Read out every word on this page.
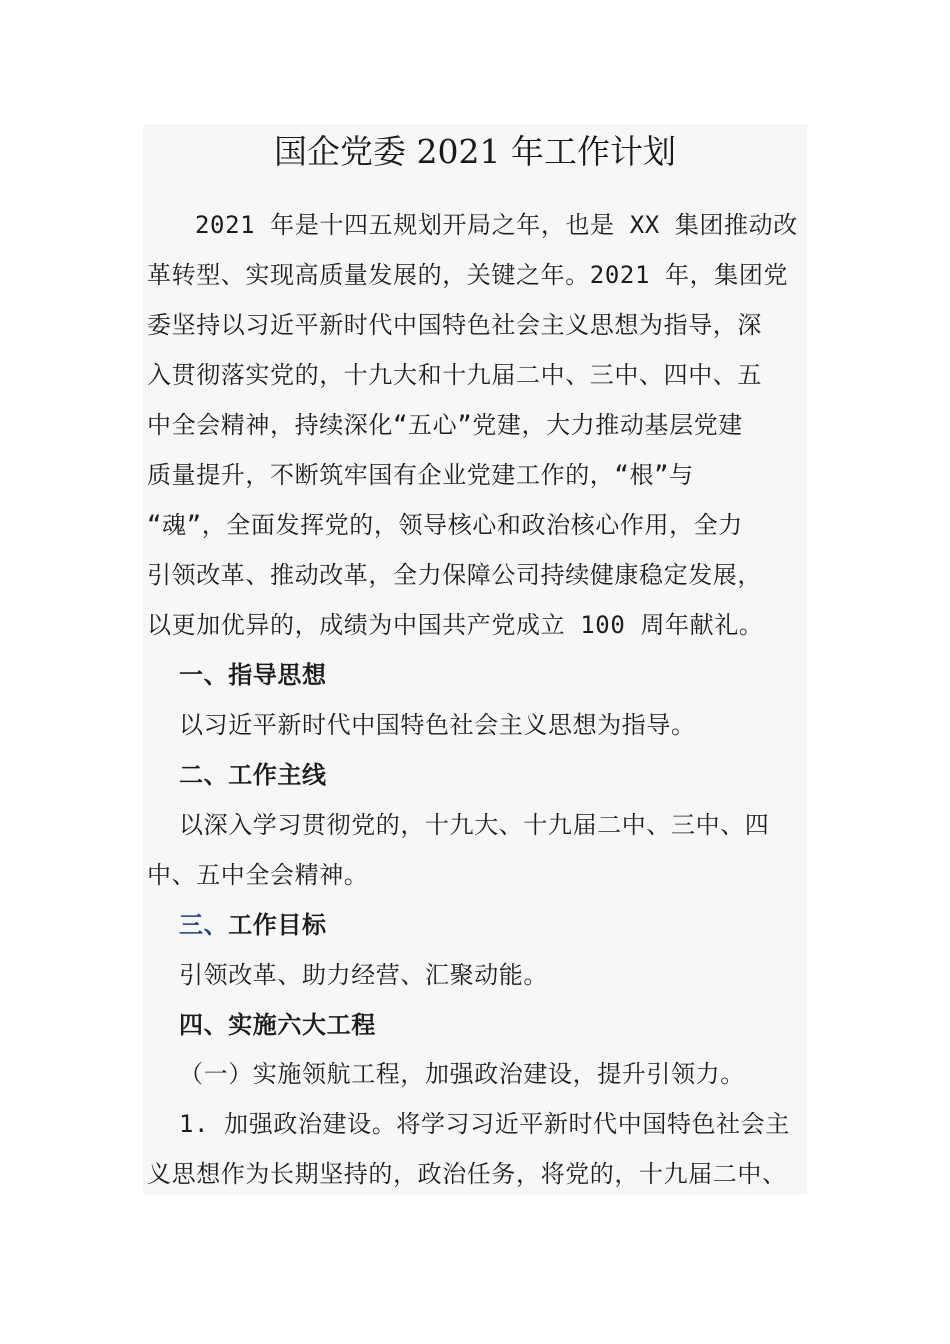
国企党委 2021 年工作计划
2021 年是十四五规划开局之年，也是 XX 集团推动改
革转型、实现高质量发展的，关键之年。2021 年，集团党
委坚持以习近平新时代中国特色社会主义思想为指导，深
入贯彻落实党的，十九大和十九届二中、三中、四中、五
中全会精神，持续深化“五心”党建，大力推动基层党建
质量提升，不断筑牢国有企业党建工作的，“根”与
“魂”，全面发挥党的，领导核心和政治核心作用，全力
引领改革、推动改革，全力保障公司持续健康稳定发展，
以更加优异的，成绩为中国共产党成立 100 周年献礼。
一、指导思想
以习近平新时代中国特色社会主义思想为指导。
二、工作主线
以深入学习贯彻党的，十九大、十九届二中、三中、四
中、五中全会精神。
三、工作目标
引领改革、助力经营、汇聚动能。
四、实施六大工程
（一）实施领航工程，加强政治建设，提升引领力。
1. 加强政治建设。将学习习近平新时代中国特色社会主
义思想作为长期坚持的，政治任务，将党的，十九届二中、
